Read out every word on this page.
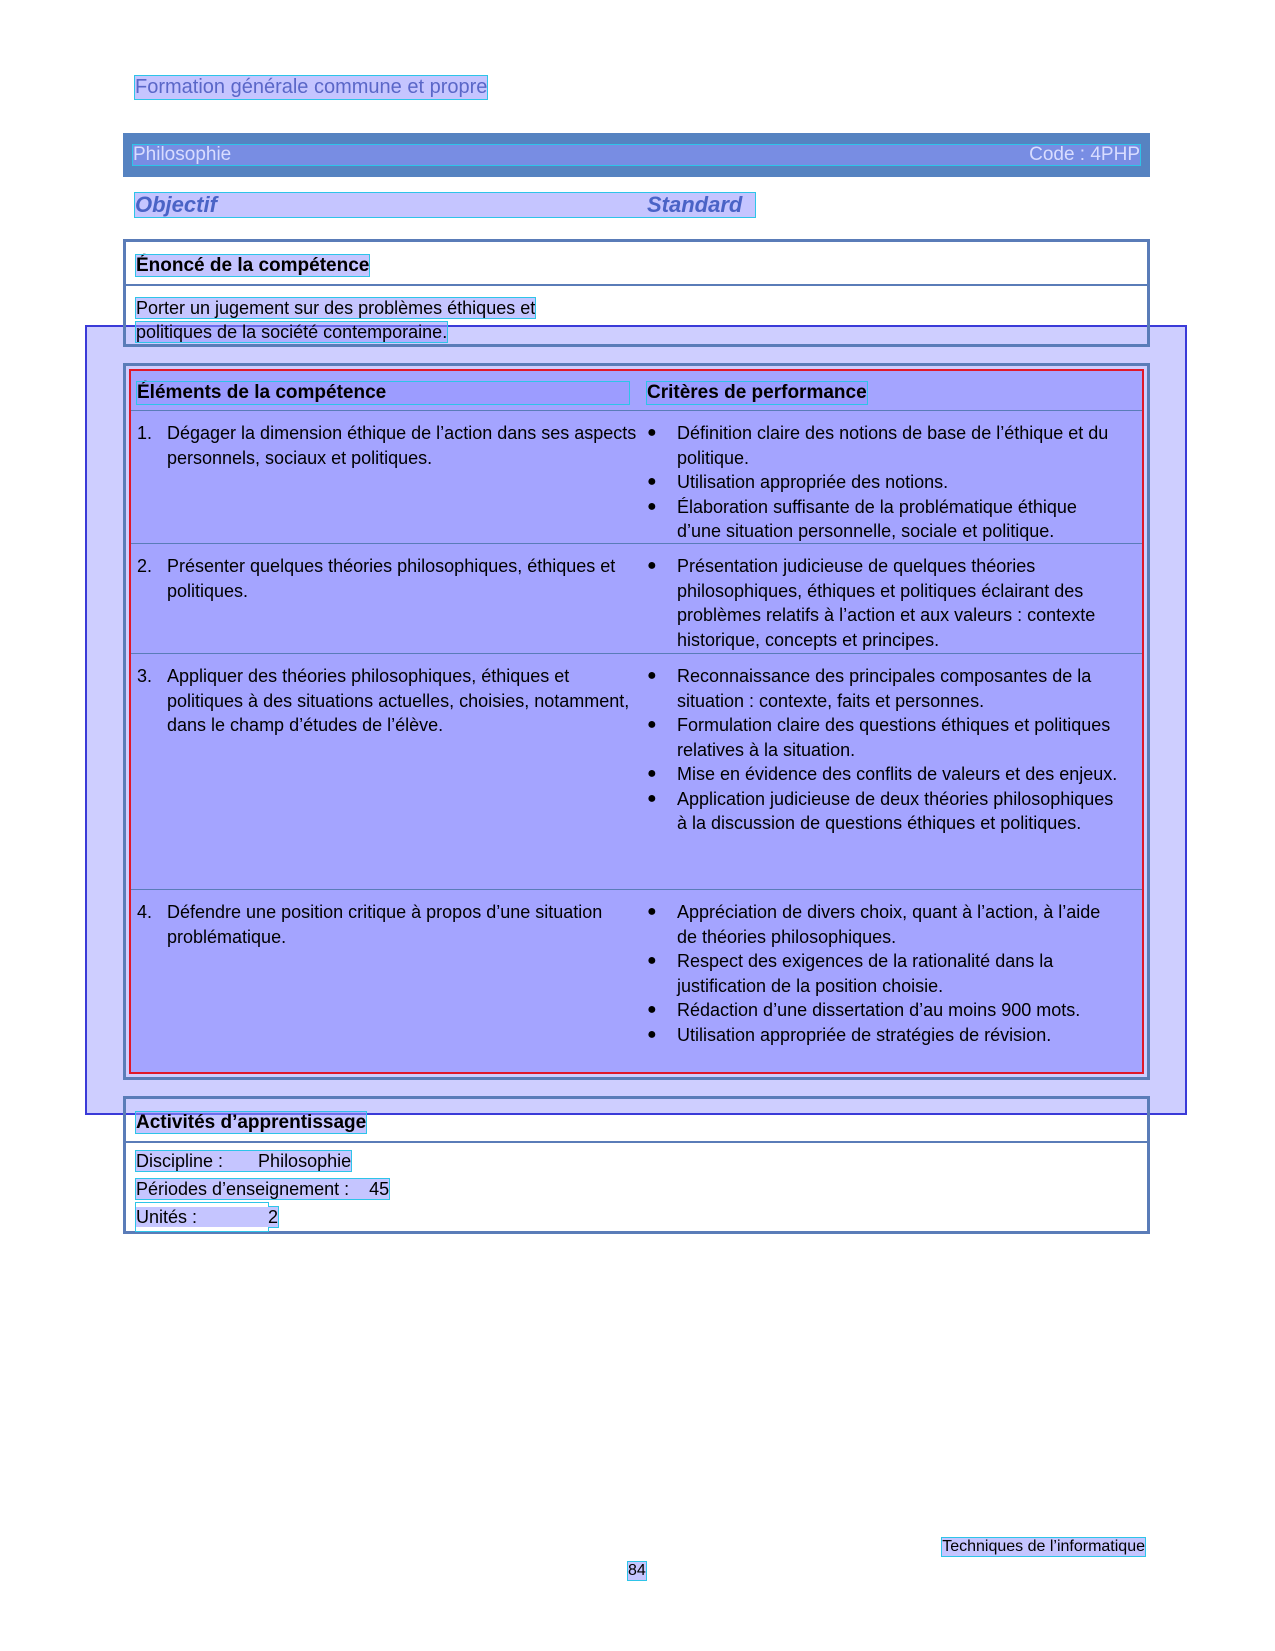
Formation générale commune et propre
Philosophie	Code : 4PHP
Objectif	Standard
Énoncé de la compétence
Porter un jugement sur des problèmes éthiques et
politiques de la société contemporaine.
Éléments de la compétence	Critères de performance
1. Dégager la dimension éthique de l’action dans ses aspects personnels, sociaux et politiques.
●	Définition claire des notions de base de l’éthique et du politique.
●	Utilisation appropriée des notions.
●	Élaboration suffisante de la problématique éthique d’une situation personnelle, sociale et politique.
2. Présenter quelques théories philosophiques, éthiques et politiques.
●	Présentation judicieuse de quelques théories philosophiques, éthiques et politiques éclairant des problèmes relatifs à l’action et aux valeurs : contexte historique, concepts et principes.
3. Appliquer des théories philosophiques, éthiques et politiques à des situations actuelles, choisies, notamment, dans le champ d’études de l’élève.
●	Reconnaissance des principales composantes de la situation : contexte, faits et personnes.
●	Formulation claire des questions éthiques et politiques relatives à la situation.
●	Mise en évidence des conflits de valeurs et des enjeux.
●	Application judicieuse de deux théories philosophiques à la discussion de questions éthiques et politiques.
4. Défendre une position critique à propos d’une situation problématique.
●	Appréciation de divers choix, quant à l’action, à l’aide de théories philosophiques.
●	Respect des exigences de la rationalité dans la justification de la position choisie.
●	Rédaction d’une dissertation d’au moins 900 mots.
●	Utilisation appropriée de stratégies de révision.
Activités d’apprentissage
Discipline : Philosophie
Périodes d’enseignement : 45
Unités :	2
Techniques de l’informatique
84
